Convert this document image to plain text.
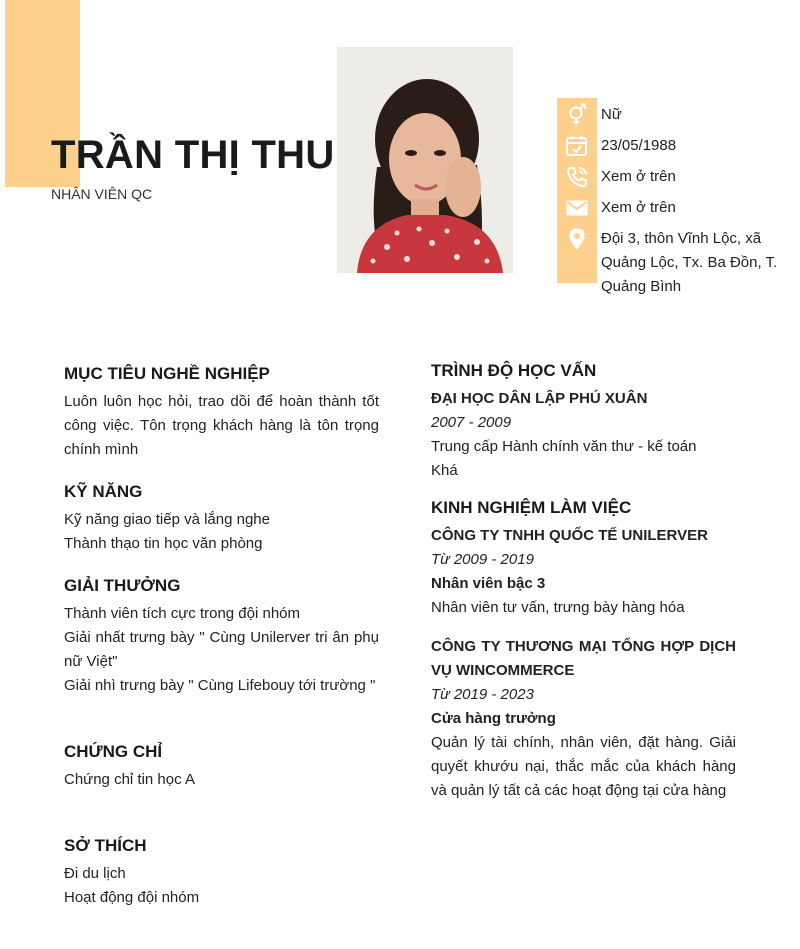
TRẦN THỊ THU

NHÂN VIÊN QC

Nữ

23/05/1988

Xem ở trên

Xem ở trên

Đội 3, thôn Vĩnh Lộc, xã Quảng Lộc, Tx. Ba Đồn, T. Quảng Bình

MỤC TIÊU NGHỀ NGHIỆP

Luôn luôn học hỏi, trao dồi để hoàn thành tốt công việc. Tôn trọng khách hàng là tôn trọng chính mình

KỸ NĂNG

Kỹ năng giao tiếp và lắng nghe

Thành thạo tin học văn phòng

GIẢI THƯỞNG

Thành viên tích cực trong đội nhóm

Giải nhất trưng bày " Cùng Unilerver tri ân phụ nữ Việt"

Giải nhì trưng bày " Cùng Lifebouy tới trường "

CHỨNG CHỈ

Chứng chỉ tin học A

SỞ THÍCH

Đi du lịch

Hoạt động đội nhóm

TRÌNH ĐỘ HỌC VẤN

ĐẠI HỌC DÂN LẬP PHÚ XUÂN

2007 - 2009

Trung cấp Hành chính văn thư - kế toán

Khá

KINH NGHIỆM LÀM VIỆC

CÔNG TY TNHH QUỐC TẾ UNILERVER

Từ 2009 - 2019

Nhân viên bậc 3

Nhân viên tư vấn, trưng bày hàng hóa

CÔNG TY THƯƠNG MẠI TỔNG HỢP DỊCH VỤ WINCOMMERCE

Từ 2019 - 2023

Cửa hàng trưởng

Quản lý tài chính, nhân viên, đặt hàng. Giải quyết khướu nại, thắc mắc của khách hàng và quản lý tất cả các hoạt động tại cửa hàng
